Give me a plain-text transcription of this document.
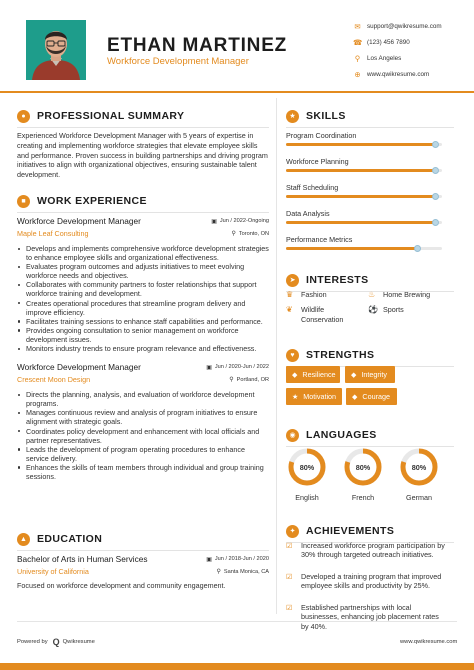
ETHAN MARTINEZ
Workforce Development Manager
✉ support@qwikresume.com
☎ (123) 456 7890
⚲ Los Angeles
⊕ www.qwikresume.com
●	PROFESSIONAL SUMMARY
Experienced Workforce Development Manager with 5 years of expertise in creating and implementing workforce strategies that elevate employee skills and performance. Proven success in building partnerships and driving program initiatives to align with organizational objectives, ensuring sustainable talent development.
■	WORK EXPERIENCE
Workforce Development Manager	▣ Jun / 2022-Ongoing
Maple Leaf Consulting	⚲ Toronto, ON
Develops and implements comprehensive workforce development strategies to enhance employee skills and organizational effectiveness.
Evaluates program outcomes and adjusts initiatives to meet evolving workforce needs and objectives.
Collaborates with community partners to foster relationships that support workforce training and development.
Creates operational procedures that streamline program delivery and improve efficiency.
Facilitates training sessions to enhance staff capabilities and performance.
Provides ongoing consultation to senior management on workforce development issues.
Monitors industry trends to ensure program relevance and effectiveness.
Workforce Development Manager	▣ Jun / 2020-Jun / 2022
Crescent Moon Design	⚲ Portland, OR
Directs the planning, analysis, and evaluation of workforce development programs.
Manages continuous review and analysis of program initiatives to ensure alignment with strategic goals.
Coordinates policy development and enhancement with local officials and partner representatives.
Leads the development of program operating procedures to enhance service delivery.
Enhances the skills of team members through individual and group training sessions.
▲ EDUCATION
Bachelor of Arts in Human Services	▣ Jun / 2018-Jun / 2020
University of California	⚲ Santa Monica, CA
Focused on workforce development and community engagement.
★ SKILLS
Program Coordination
Workforce Planning
Staff Scheduling
Data Analysis
Performance Metrics
➤	INTERESTS
♛	Fashion	♨	Home Brewing
❦	Wildlife
Conservation
⚽ Sports
♥	STRENGTHS
◆ Resilience ◆ Integrity
★ Motivation ◆ Courage
◉ LANGUAGES
80%
English
80%
French
80%
German
✦	ACHIEVEMENTS
☑	Increased workforce program participation by 30% through targeted outreach initiatives.
☑	Developed a training program that improved employee skills and productivity by 25%.
☑	Established partnerships with local businesses, enhancing job placement rates by 40%.
Powered by Q Qwikresume	www.qwikresume.com
